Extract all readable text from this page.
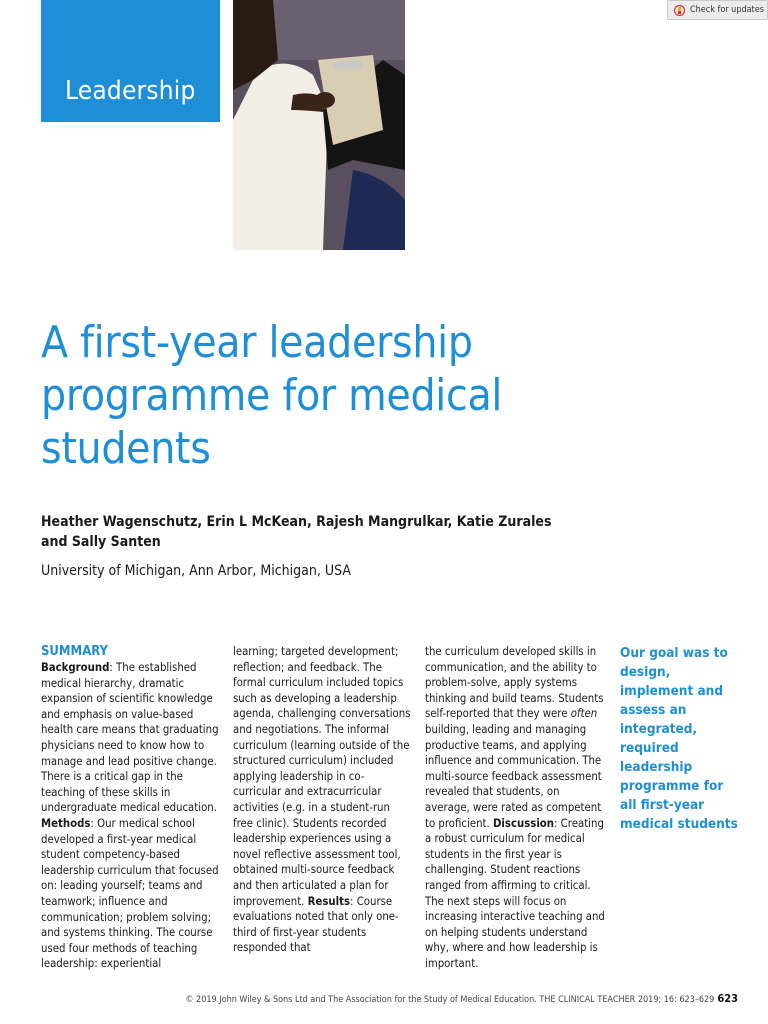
Leadership
Check for updates
A first-year leadership programme for medical students
Heather Wagenschutz, Erin L McKean, Rajesh Mangrulkar, Katie Zurales and Sally Santen
University of Michigan, Ann Arbor, Michigan, USA
SUMMARY
Background: The established medical hierarchy, dramatic expansion of scientific knowledge and emphasis on value-based health care means that graduating physicians need to know how to manage and lead positive change. There is a critical gap in the teaching of these skills in undergraduate medical education. Methods: Our medical school developed a first-year medical student competency-based leadership curriculum that focused on: leading yourself; teams and teamwork; influence and communication; problem solving; and systems thinking. The course used four methods of teaching leadership: experiential
learning; targeted development; reflection; and feedback. The formal curriculum included topics such as developing a leadership agenda, challenging conversations and negotiations. The informal curriculum (learning outside of the structured curriculum) included applying leadership in co-curricular and extracurricular activities (e.g. in a student-run free clinic). Students recorded leadership experiences using a novel reflective assessment tool, obtained multi-source feedback and then articulated a plan for improvement. Results: Course evaluations noted that only one-third of first-year students responded that
the curriculum developed skills in communication, and the ability to problem-solve, apply systems thinking and build teams. Students self-reported that they were often building, leading and managing productive teams, and applying influence and communication. The multi-source feedback assessment revealed that students, on average, were rated as competent to proficient. Discussion: Creating a robust curriculum for medical students in the first year is challenging. Student reactions ranged from affirming to critical. The next steps will focus on increasing interactive teaching and on helping students understand why, where and how leadership is important.
Our goal was to design, implement and assess an integrated, required leadership programme for all first-year medical students
© 2019 John Wiley & Sons Ltd and The Association for the Study of Medical Education. THE CLINICAL TEACHER 2019; 16: 623–629 623
